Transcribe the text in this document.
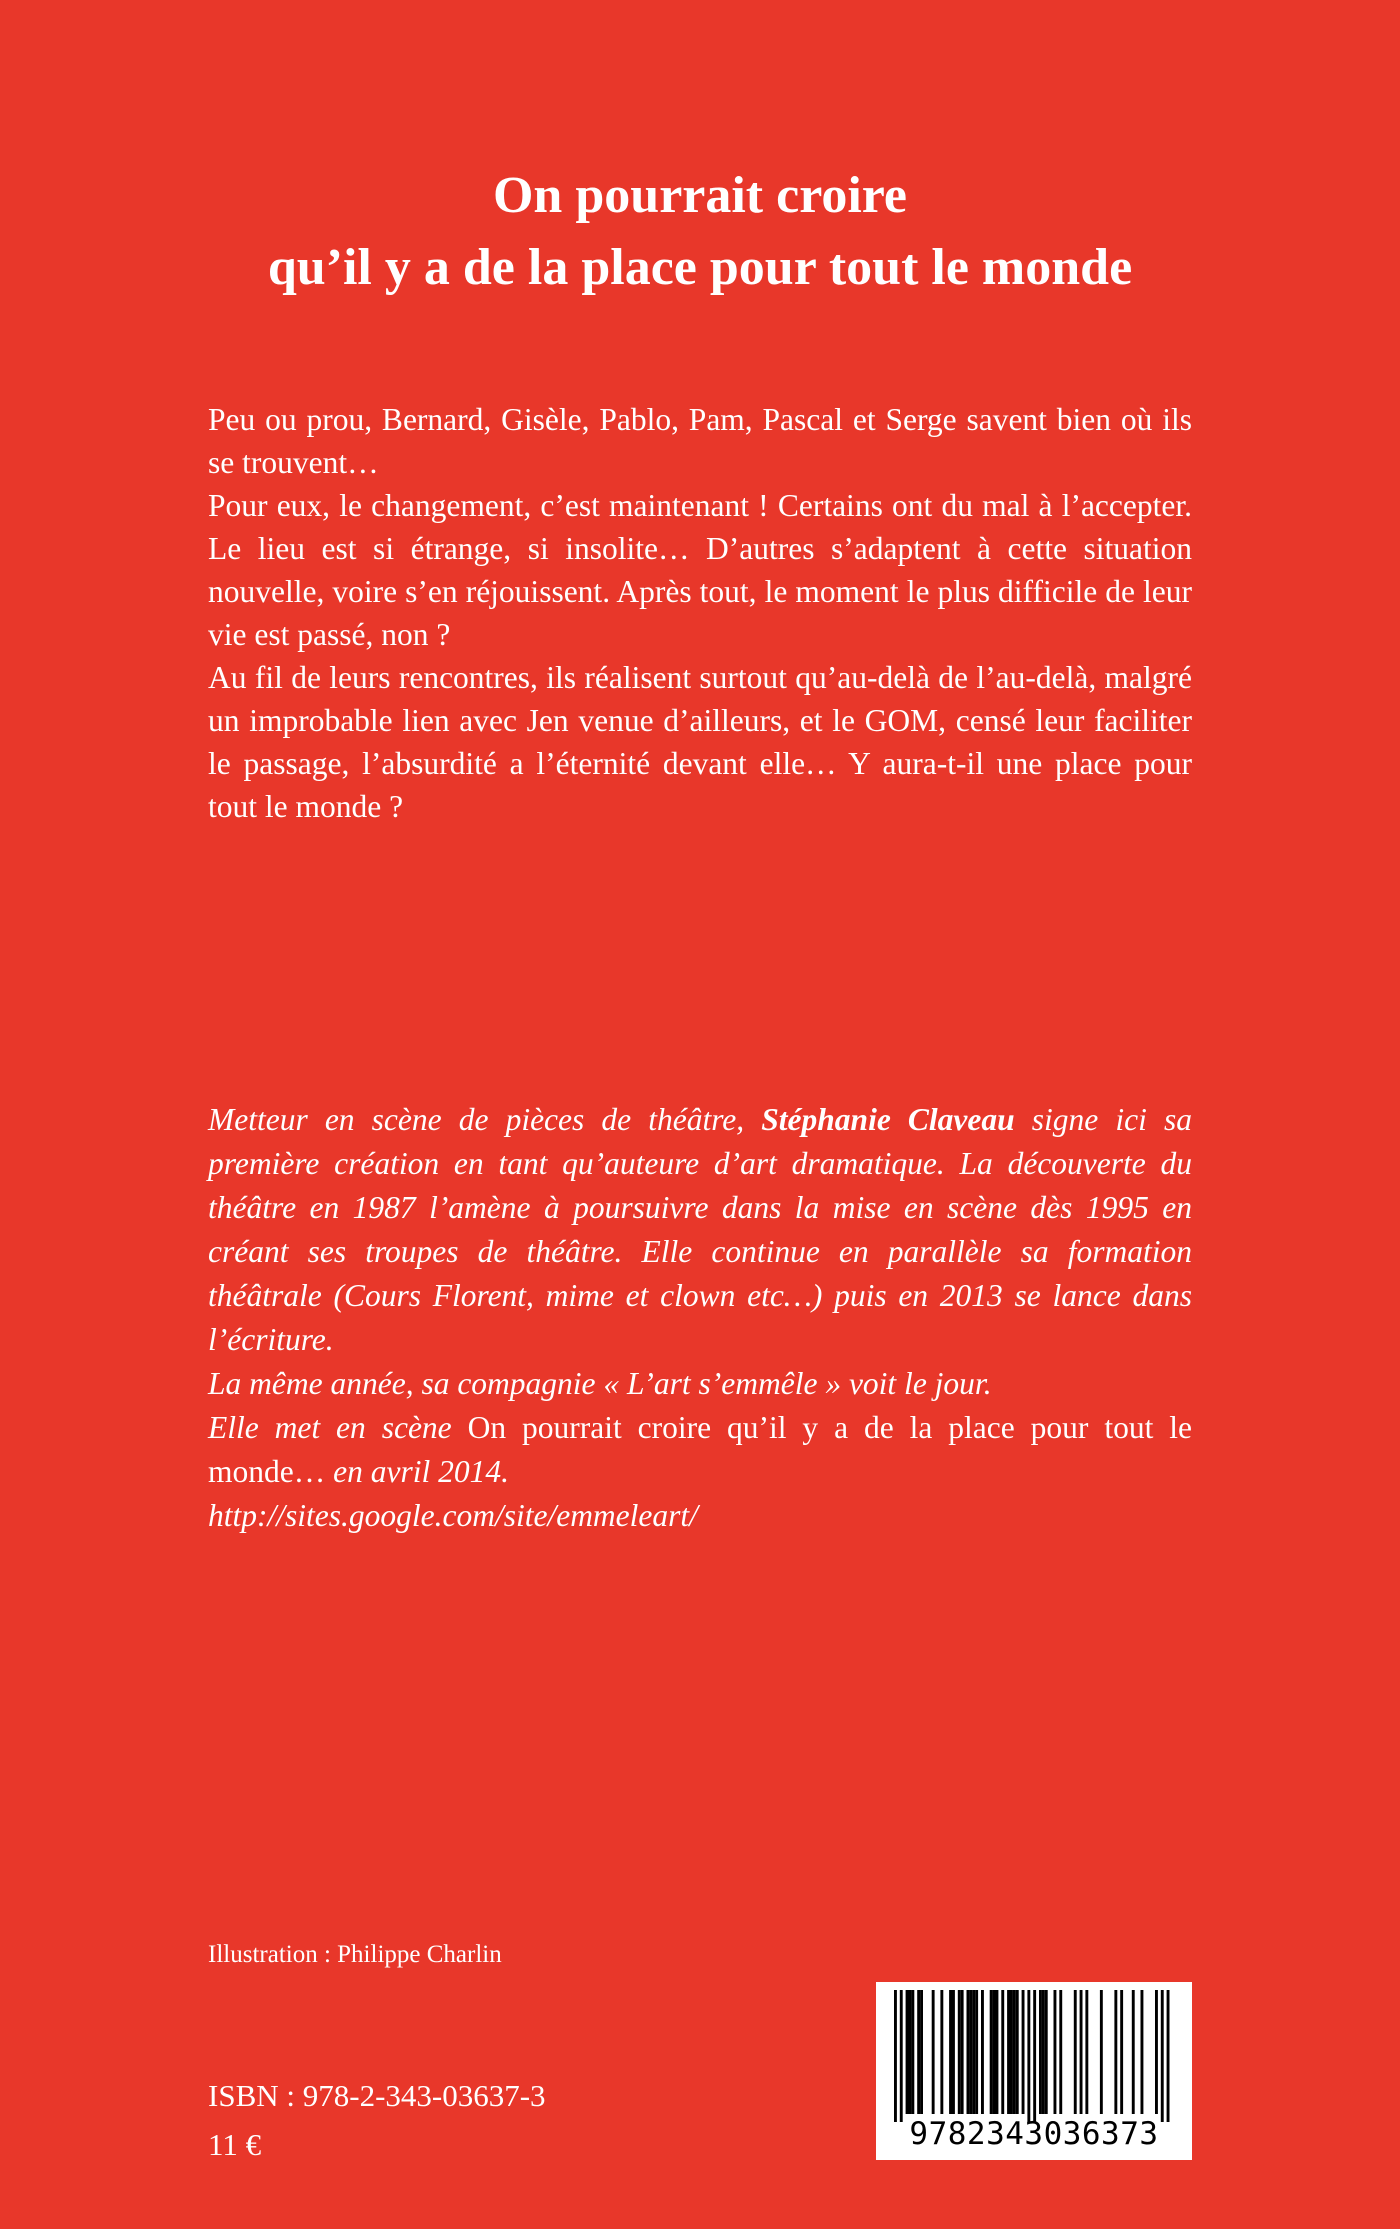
On pourrait croire
qu’il y a de la place pour tout le monde

Peu ou prou, Bernard, Gisèle, Pablo, Pam, Pascal et Serge savent bien où ils se trouvent…

Pour eux, le changement, c’est maintenant ! Certains ont du mal à l’accepter. Le lieu est si étrange, si insolite… D’autres s’adaptent à cette situation nouvelle, voire s’en réjouissent. Après tout, le moment le plus difficile de leur vie est passé, non ?

Au fil de leurs rencontres, ils réalisent surtout qu’au-delà de l’au-delà, malgré un improbable lien avec Jen venue d’ailleurs, et le GOM, censé leur faciliter le passage, l’absurdité a l’éternité devant elle… Y aura-t-il une place pour tout le monde ?

Metteur en scène de pièces de théâtre, Stéphanie Claveau signe ici sa première création en tant qu’auteure d’art dramatique. La découverte du théâtre en 1987 l’amène à poursuivre dans la mise en scène dès 1995 en créant ses troupes de théâtre. Elle continue en parallèle sa formation théâtrale (Cours Florent, mime et clown etc…) puis en 2013 se lance dans l’écriture.

La même année, sa compagnie « L’art s’emmêle » voit le jour.

Elle met en scène On pourrait croire qu’il y a de la place pour tout le monde… en avril 2014.

http://sites.google.com/site/emmeleart/

Illustration : Philippe Charlin
9782343036373
ISBN : 978-2-343-03637-3
11 €
